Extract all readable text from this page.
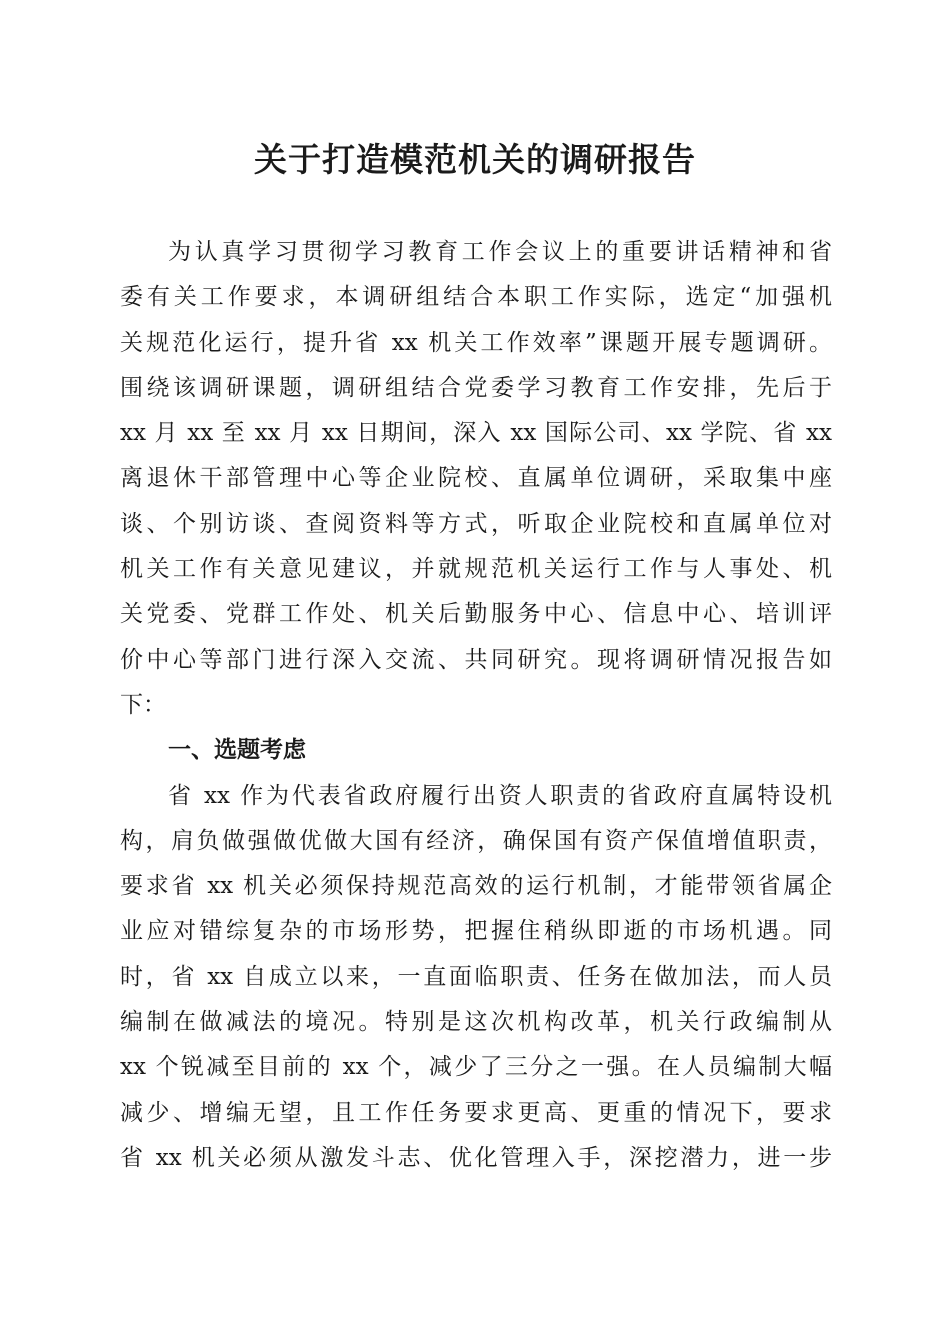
关于打造模范机关的调研报告
为认真学习贯彻学习教育工作会议上的重要讲话精神和省
委有关工作要求，本调研组结合本职工作实际，选定“加强机
关规范化运行，提升省 xx 机关工作效率”课题开展专题调研。
围绕该调研课题，调研组结合党委学习教育工作安排，先后于
xx 月 xx 至 xx 月 xx 日期间，深入 xx 国际公司、xx 学院、省 xx
离退休干部管理中心等企业院校、直属单位调研，采取集中座
谈、个别访谈、查阅资料等方式，听取企业院校和直属单位对
机关工作有关意见建议，并就规范机关运行工作与人事处、机
关党委、党群工作处、机关后勤服务中心、信息中心、培训评
价中心等部门进行深入交流、共同研究。现将调研情况报告如
下：
一、选题考虑
省 xx 作为代表省政府履行出资人职责的省政府直属特设机
构，肩负做强做优做大国有经济，确保国有资产保值增值职责，
要求省 xx 机关必须保持规范高效的运行机制，才能带领省属企
业应对错综复杂的市场形势，把握住稍纵即逝的市场机遇。同
时，省 xx 自成立以来，一直面临职责、任务在做加法，而人员
编制在做减法的境况。特别是这次机构改革，机关行政编制从
xx 个锐减至目前的 xx 个，减少了三分之一强。在人员编制大幅
减少、增编无望，且工作任务要求更高、更重的情况下，要求
省 xx 机关必须从激发斗志、优化管理入手，深挖潜力，进一步
